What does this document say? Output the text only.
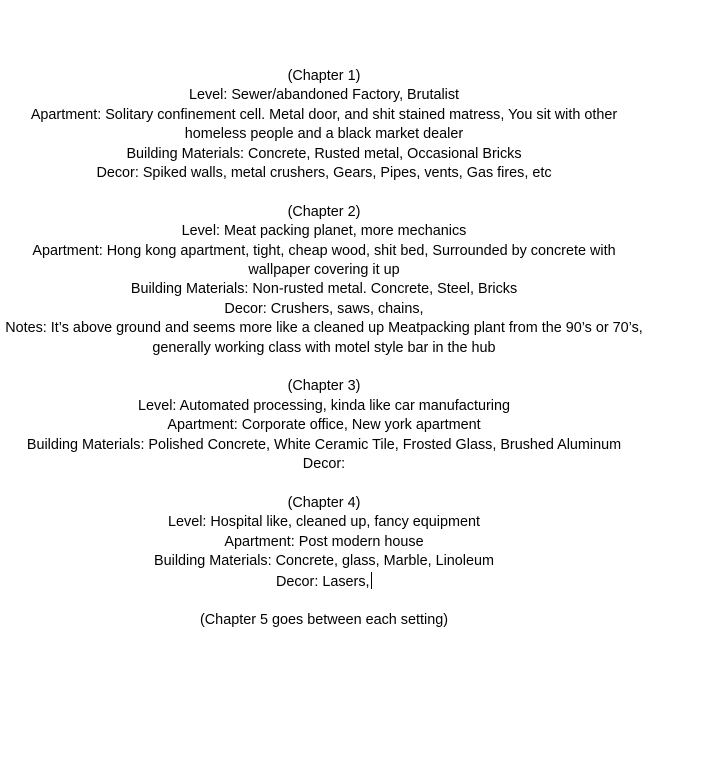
(Chapter 1)
Level: Sewer/abandoned Factory, Brutalist
Apartment: Solitary confinement cell. Metal door, and shit stained matress, You sit with other homeless people and a black market dealer
Building Materials: Concrete, Rusted metal, Occasional Bricks
Decor: Spiked walls, metal crushers, Gears, Pipes, vents, Gas fires, etc
(Chapter 2)
Level: Meat packing planet, more mechanics
Apartment: Hong kong apartment, tight, cheap wood, shit bed, Surrounded by concrete with wallpaper covering it up
Building Materials: Non-rusted metal. Concrete, Steel, Bricks
Decor: Crushers, saws, chains,
Notes: It’s above ground and seems more like a cleaned up Meatpacking plant from the 90’s or 70’s, generally working class with motel style bar in the hub
(Chapter 3)
Level: Automated processing, kinda like car manufacturing
Apartment: Corporate office, New york apartment
Building Materials: Polished Concrete, White Ceramic Tile, Frosted Glass, Brushed Aluminum
Decor:
(Chapter 4)
Level: Hospital like, cleaned up, fancy equipment
Apartment: Post modern house
Building Materials: Concrete, glass, Marble, Linoleum
Decor: Lasers,
(Chapter 5 goes between each setting)
